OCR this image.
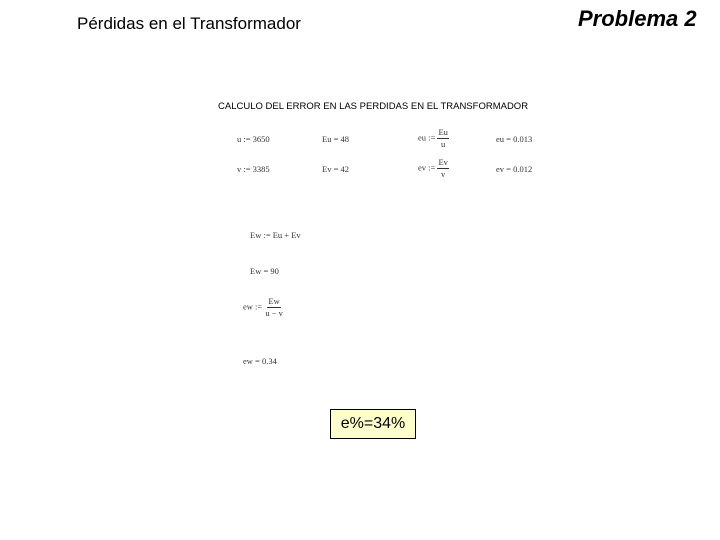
Pérdidas en el Transformador	Problema 2
CALCULO DEL ERROR EN LAS PERDIDAS EN EL TRANSFORMADOR
u := 3650	Eu = 48	eu := $\frac{Eu}{u}$	eu = 0.013
v := 3385	Ev = 42	ev := $\frac{Ev}{v}$	ev = 0.012
Ew := Eu + Ev
Ew = 90
ew := $\frac{Ew}{u - v}$
ew = 0.34
e%=34%
